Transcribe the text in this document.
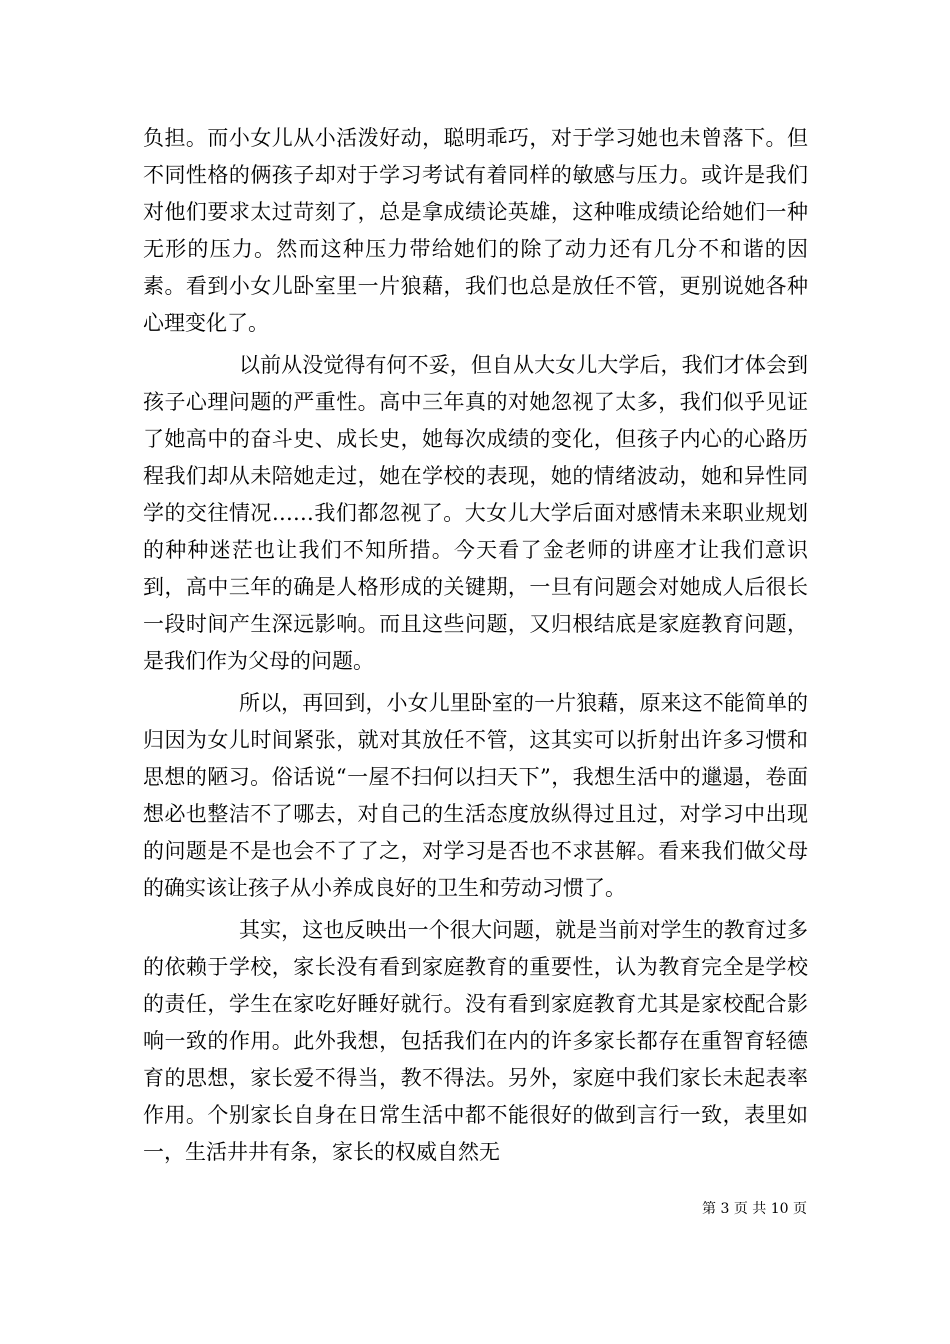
负担。而小女儿从小活泼好动，聪明乖巧，对于学习她也未曾落下。但不同性格的俩孩子却对于学习考试有着同样的敏感与压力。或许是我们对他们要求太过苛刻了，总是拿成绩论英雄，这种唯成绩论给她们一种无形的压力。然而这种压力带给她们的除了动力还有几分不和谐的因素。看到小女儿卧室里一片狼藉，我们也总是放任不管，更别说她各种心理变化了。

以前从没觉得有何不妥，但自从大女儿大学后，我们才体会到孩子心理问题的严重性。高中三年真的对她忽视了太多，我们似乎见证了她高中的奋斗史、成长史，她每次成绩的变化，但孩子内心的心路历程我们却从未陪她走过，她在学校的表现，她的情绪波动，她和异性同学的交往情况……我们都忽视了。大女儿大学后面对感情未来职业规划的种种迷茫也让我们不知所措。今天看了金老师的讲座才让我们意识到，高中三年的确是人格形成的关键期，一旦有问题会对她成人后很长一段时间产生深远影响。而且这些问题，又归根结底是家庭教育问题，是我们作为父母的问题。

所以，再回到，小女儿里卧室的一片狼藉，原来这不能简单的归因为女儿时间紧张，就对其放任不管，这其实可以折射出许多习惯和思想的陋习。俗话说“一屋不扫何以扫天下”，我想生活中的邋遢，卷面想必也整洁不了哪去，对自己的生活态度放纵得过且过，对学习中出现的问题是不是也会不了了之，对学习是否也不求甚解。看来我们做父母的确实该让孩子从小养成良好的卫生和劳动习惯了。

其实，这也反映出一个很大问题，就是当前对学生的教育过多的依赖于学校，家长没有看到家庭教育的重要性，认为教育完全是学校的责任，学生在家吃好睡好就行。没有看到家庭教育尤其是家校配合影响一致的作用。此外我想，包括我们在内的许多家长都存在重智育轻德育的思想，家长爱不得当，教不得法。另外，家庭中我们家长未起表率作用。个别家长自身在日常生活中都不能很好的做到言行一致，表里如一，生活井井有条，家长的权威自然无

第 3 页 共 10 页
